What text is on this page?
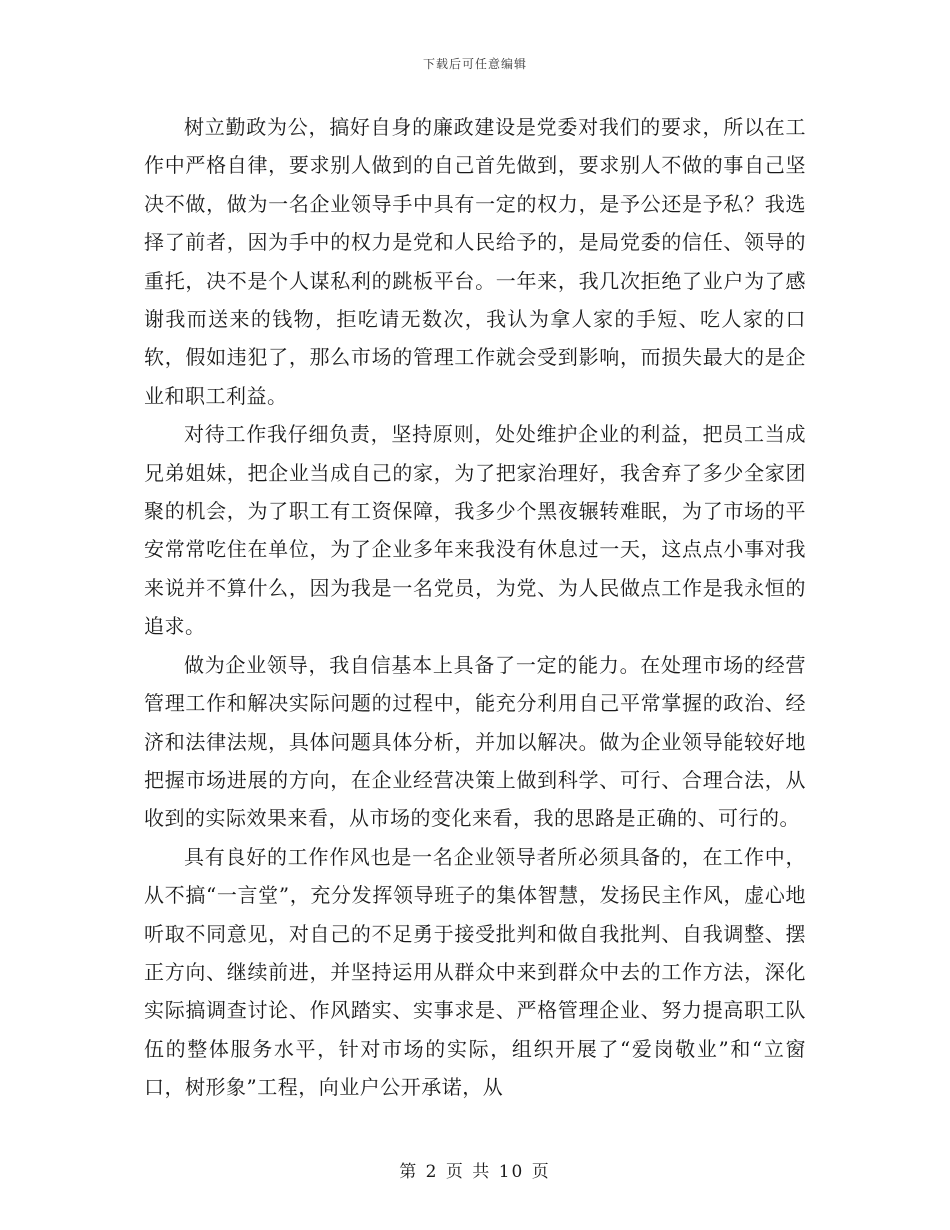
下载后可任意编辑

树立勤政为公，搞好自身的廉政建设是党委对我们的要求，所以在工作中严格自律，要求别人做到的自己首先做到，要求别人不做的事自己坚决不做，做为一名企业领导手中具有一定的权力，是予公还是予私？我选择了前者，因为手中的权力是党和人民给予的，是局党委的信任、领导的重托，决不是个人谋私利的跳板平台。一年来，我几次拒绝了业户为了感谢我而送来的钱物，拒吃请无数次，我认为拿人家的手短、吃人家的口软，假如违犯了，那么市场的管理工作就会受到影响，而损失最大的是企业和职工利益。

对待工作我仔细负责，坚持原则，处处维护企业的利益，把员工当成兄弟姐妹，把企业当成自己的家，为了把家治理好，我舍弃了多少全家团聚的机会，为了职工有工资保障，我多少个黑夜辗转难眠，为了市场的平安常常吃住在单位，为了企业多年来我没有休息过一天，这点点小事对我来说并不算什么，因为我是一名党员，为党、为人民做点工作是我永恒的追求。

做为企业领导，我自信基本上具备了一定的能力。在处理市场的经营管理工作和解决实际问题的过程中，能充分利用自己平常掌握的政治、经济和法律法规，具体问题具体分析，并加以解决。做为企业领导能较好地把握市场进展的方向，在企业经营决策上做到科学、可行、合理合法，从收到的实际效果来看，从市场的变化来看，我的思路是正确的、可行的。

具有良好的工作作风也是一名企业领导者所必须具备的，在工作中，从不搞“一言堂”，充分发挥领导班子的集体智慧，发扬民主作风，虚心地听取不同意见，对自己的不足勇于接受批判和做自我批判、自我调整、摆正方向、继续前进，并坚持运用从群众中来到群众中去的工作方法，深化实际搞调查讨论、作风踏实、实事求是、严格管理企业、努力提高职工队伍的整体服务水平，针对市场的实际，组织开展了“爱岗敬业”和“立窗口，树形象”工程，向业户公开承诺，从

第 2 页 共 10 页
